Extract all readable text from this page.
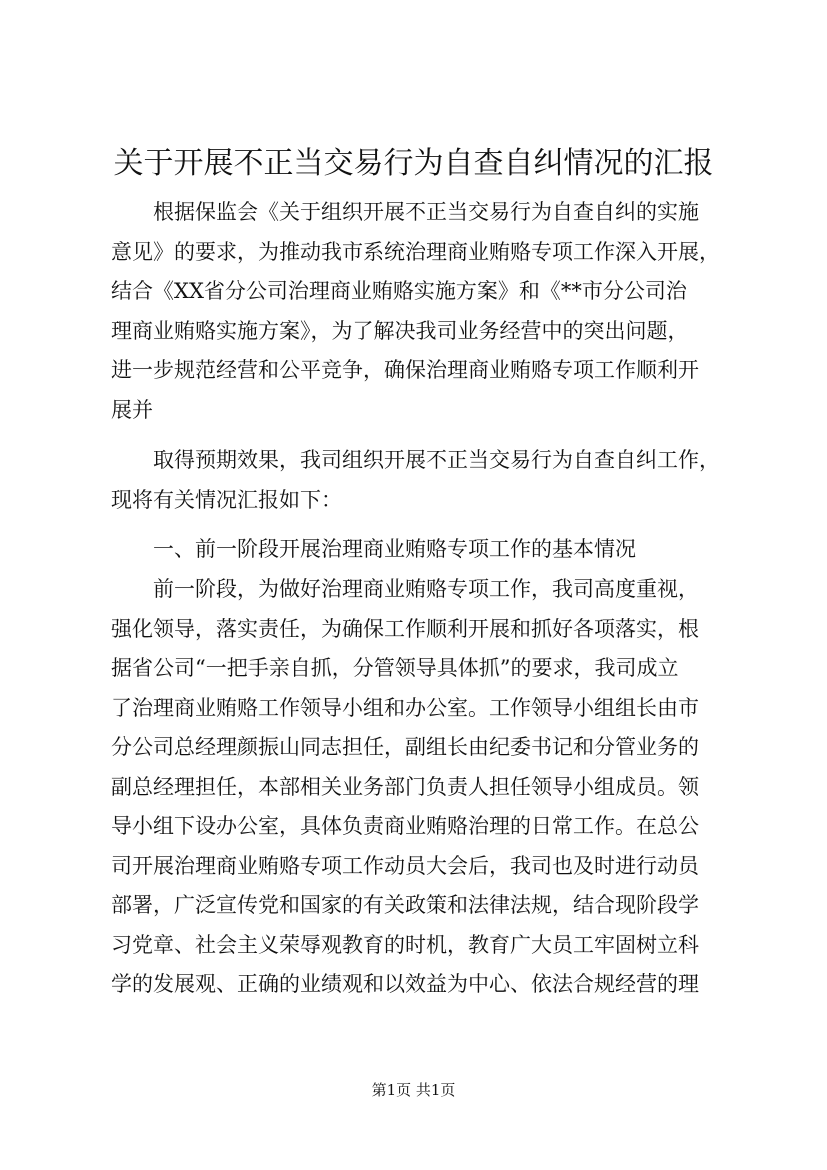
关于开展不正当交易行为自查自纠情况的汇报
　　根据保监会《关于组织开展不正当交易行为自查自纠的实施
意见》的要求，为推动我市系统治理商业贿赂专项工作深入开展，
结合《XX省分公司治理商业贿赂实施方案》和《**市分公司治
理商业贿赂实施方案》，为了解决我司业务经营中的突出问题，
进一步规范经营和公平竞争，确保治理商业贿赂专项工作顺利开
展并
　　取得预期效果，我司组织开展不正当交易行为自查自纠工作，
现将有关情况汇报如下：
　　一、前一阶段开展治理商业贿赂专项工作的基本情况
　　前一阶段，为做好治理商业贿赂专项工作，我司高度重视，
强化领导，落实责任，为确保工作顺利开展和抓好各项落实，根
据省公司“一把手亲自抓，分管领导具体抓”的要求，我司成立
了治理商业贿赂工作领导小组和办公室。工作领导小组组长由市
分公司总经理颜振山同志担任，副组长由纪委书记和分管业务的
副总经理担任，本部相关业务部门负责人担任领导小组成员。领
导小组下设办公室，具体负责商业贿赂治理的日常工作。在总公
司开展治理商业贿赂专项工作动员大会后，我司也及时进行动员
部署，广泛宣传党和国家的有关政策和法律法规，结合现阶段学
习党章、社会主义荣辱观教育的时机，教育广大员工牢固树立科
学的发展观、正确的业绩观和以效益为中心、依法合规经营的理
第1页 共1页
